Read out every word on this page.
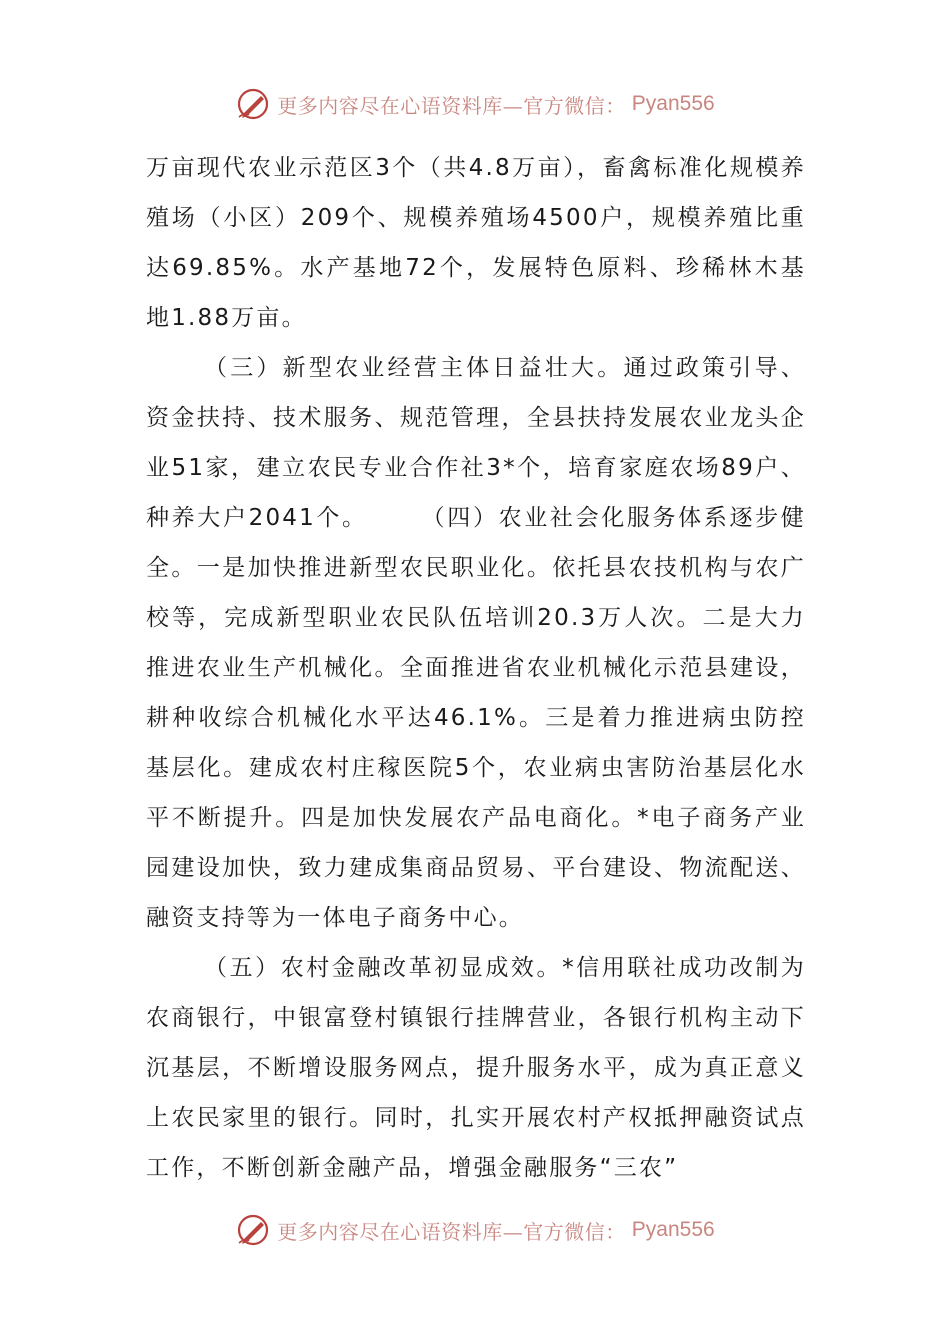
更多内容尽在心语资料库—官方微信： Pyan556

万亩现代农业示范区3个（共4.8万亩），畜禽标准化规模养殖场（小区）209个、规模养殖场4500户，规模养殖比重达69.85%。水产基地72个，发展特色原料、珍稀林木基地1.88万亩。

（三）新型农业经营主体日益壮大。通过政策引导、资金扶持、技术服务、规范管理，全县扶持发展农业龙头企业51家，建立农民专业合作社3*个，培育家庭农场89户、种养大户2041个。　　　（四）农业社会化服务体系逐步健全。一是加快推进新型农民职业化。依托县农技机构与农广校等，完成新型职业农民队伍培训20.3万人次。二是大力推进农业生产机械化。全面推进省农业机械化示范县建设，耕种收综合机械化水平达46.1%。三是着力推进病虫防控基层化。建成农村庄稼医院5个，农业病虫害防治基层化水平不断提升。四是加快发展农产品电商化。*电子商务产业园建设加快，致力建成集商品贸易、平台建设、物流配送、融资支持等为一体电子商务中心。

（五）农村金融改革初显成效。*信用联社成功改制为农商银行，中银富登村镇银行挂牌营业，各银行机构主动下沉基层，不断增设服务网点，提升服务水平，成为真正意义上农民家里的银行。同时，扎实开展农村产权抵押融资试点工作，不断创新金融产品，增强金融服务“三农”

更多内容尽在心语资料库—官方微信： Pyan556
